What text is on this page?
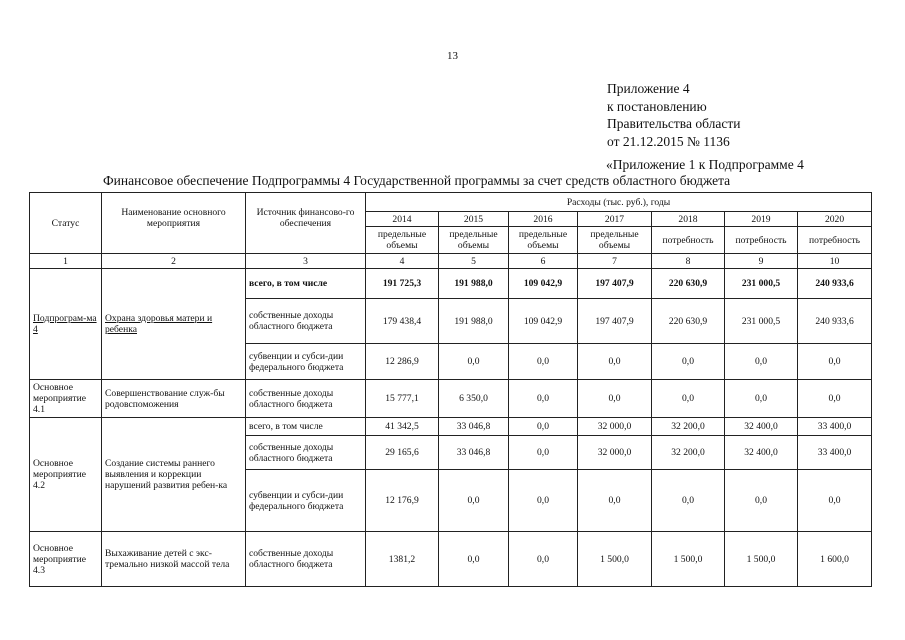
13
Приложение 4
к постановлению
Правительства области
от 21.12.2015 № 1136
«Приложение 1 к Подпрограмме 4
Финансовое обеспечение Подпрограммы 4 Государственной программы за счет средств областного бюджета
Статус	Наименование основного мероприятия	Источник финансово-го обеспечения	Расходы (тыс. руб.), годы						
			2014	2015	2016	2017	2018	2019	2020
			предельные объемы	предельные объемы	предельные объемы	предельные объемы	потребность	потребность	потребность
1	2	3	4	5	6	7	8	9	10
Подпрограм-ма 4	Охрана здоровья матери и ребенка	всего, в том числе	191 725,3	191 988,0	109 042,9	197 407,9	220 630,9	231 000,5	240 933,6
		собственные доходы областного бюджета	179 438,4	191 988,0	109 042,9	197 407,9	220 630,9	231 000,5	240 933,6
		субвенции и субси-дии федерального бюджета	12 286,9	0,0	0,0	0,0	0,0	0,0	0,0
Основное мероприятие 4.1	Совершенствование служ-бы родовспоможения	собственные доходы областного бюджета	15 777,1	6 350,0	0,0	0,0	0,0	0,0	0,0
Основное мероприятие 4.2	Создание системы раннего выявления и коррекции нарушений развития ребен-ка	всего, в том числе	41 342,5	33 046,8	0,0	32 000,0	32 200,0	32 400,0	33 400,0
		собственные доходы областного бюджета	29 165,6	33 046,8	0,0	32 000,0	32 200,0	32 400,0	33 400,0
		субвенции и субси-дии федерального бюджета	12 176,9	0,0	0,0	0,0	0,0	0,0	0,0
Основное мероприятие 4.3	Выхаживание детей с экс-тремально низкой массой тела	собственные доходы областного бюджета	1381,2	0,0	0,0	1 500,0	1 500,0	1 500,0	1 600,0
